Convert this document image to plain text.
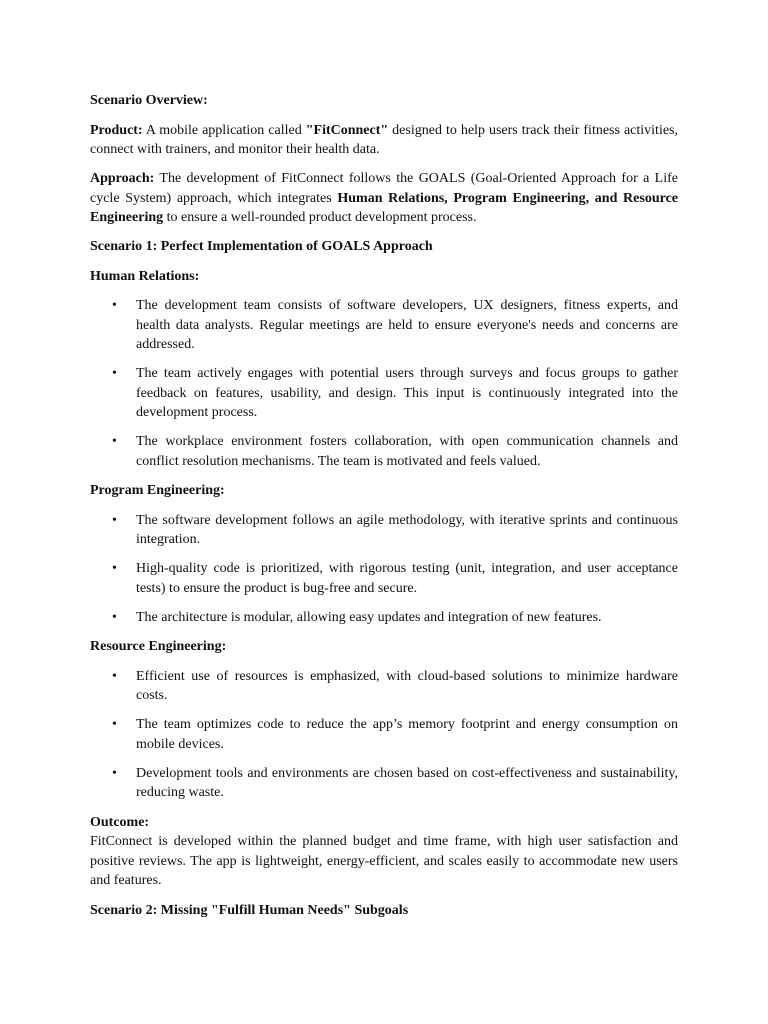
Scenario Overview:

Product: A mobile application called "FitConnect" designed to help users track their fitness activities, connect with trainers, and monitor their health data.

Approach: The development of FitConnect follows the GOALS (Goal-Oriented Approach for a Life cycle System) approach, which integrates Human Relations, Program Engineering, and Resource Engineering to ensure a well-rounded product development process.

Scenario 1: Perfect Implementation of GOALS Approach

Human Relations:

• The development team consists of software developers, UX designers, fitness experts, and health data analysts. Regular meetings are held to ensure everyone's needs and concerns are addressed.
• The team actively engages with potential users through surveys and focus groups to gather feedback on features, usability, and design. This input is continuously integrated into the development process.
• The workplace environment fosters collaboration, with open communication channels and conflict resolution mechanisms. The team is motivated and feels valued.

Program Engineering:

• The software development follows an agile methodology, with iterative sprints and continuous integration.
• High-quality code is prioritized, with rigorous testing (unit, integration, and user acceptance tests) to ensure the product is bug-free and secure.
• The architecture is modular, allowing easy updates and integration of new features.

Resource Engineering:

• Efficient use of resources is emphasized, with cloud-based solutions to minimize hardware costs.
• The team optimizes code to reduce the app’s memory footprint and energy consumption on mobile devices.
• Development tools and environments are chosen based on cost-effectiveness and sustainability, reducing waste.

Outcome:

FitConnect is developed within the planned budget and time frame, with high user satisfaction and positive reviews. The app is lightweight, energy-efficient, and scales easily to accommodate new users and features.

Scenario 2: Missing "Fulfill Human Needs" Subgoals
